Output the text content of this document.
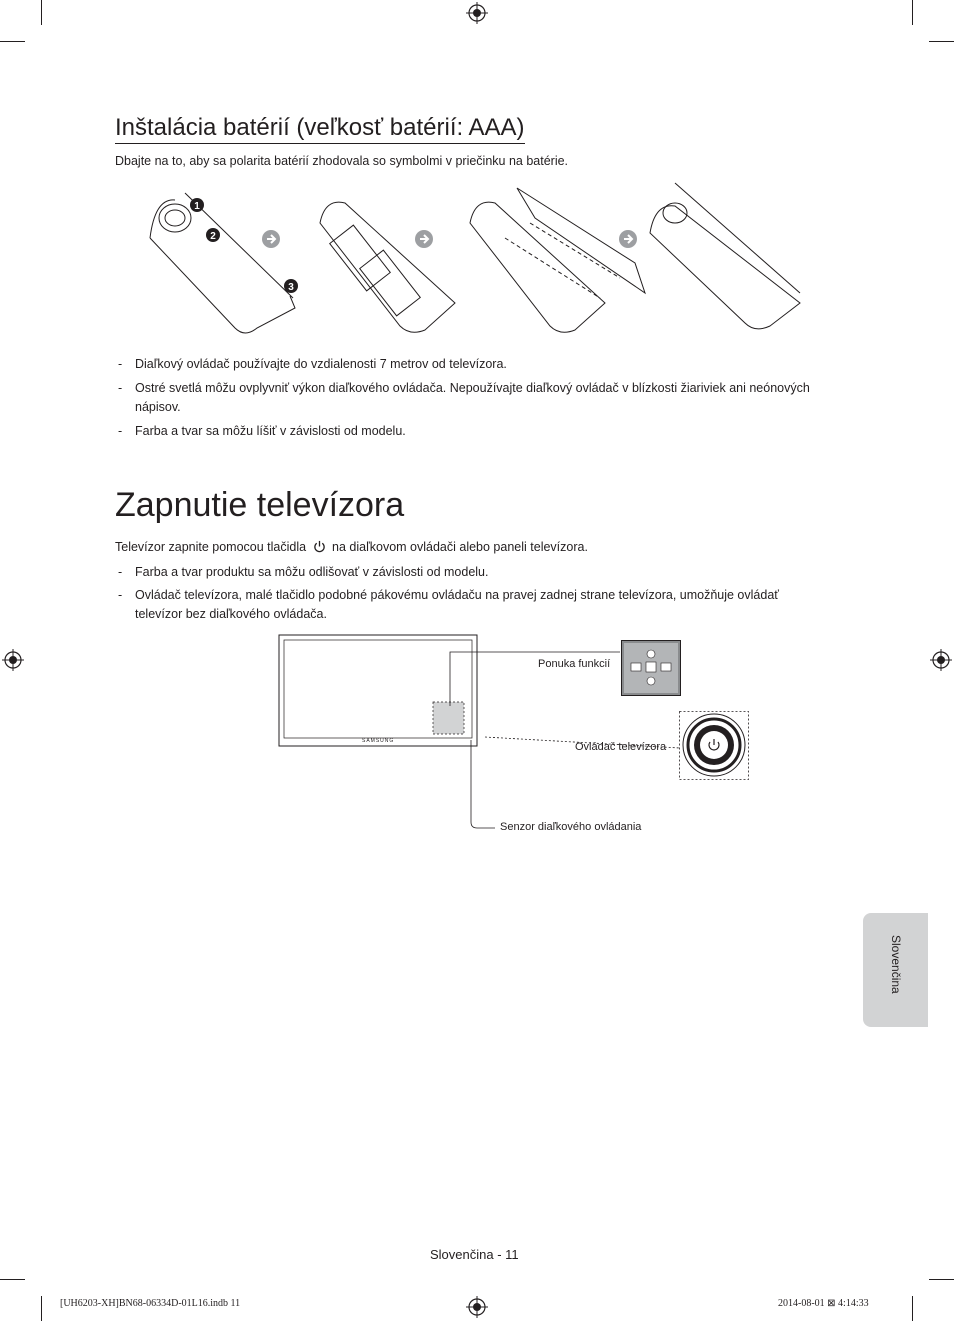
Inštalácia batérií (veľkosť batérií: AAA)
Dbajte na to, aby sa polarita batérií zhodovala so symbolmi v priečinku na batérie.
1
2
3
- Diaľkový ovládač používajte do vzdialenosti 7 metrov od televízora.
- Ostré svetlá môžu ovplyvniť výkon diaľkového ovládača. Nepoužívajte diaľkový ovládač v blízkosti žiariviek ani neónových nápisov.
- Farba a tvar sa môžu líšiť v závislosti od modelu.
Zapnutie televízora
Televízor zapnite pomocou tlačidla na diaľkovom ovládači alebo paneli televízora.
- Farba a tvar produktu sa môžu odlišovať v závislosti od modelu.
- Ovládač televízora, malé tlačidlo podobné pákovému ovládaču na pravej zadnej strane televízora, umožňuje ovládať televízor bez diaľkového ovládača.
SAMSUNG
Ponuka funkcií
Ovládač televízora
Senzor diaľkového ovládania
Slovenčina
Slovenčina - 11
[UH6203-XH]BN68-06334D-01L16.indb 11	2014-08-01 ⊠ 4:14:33
